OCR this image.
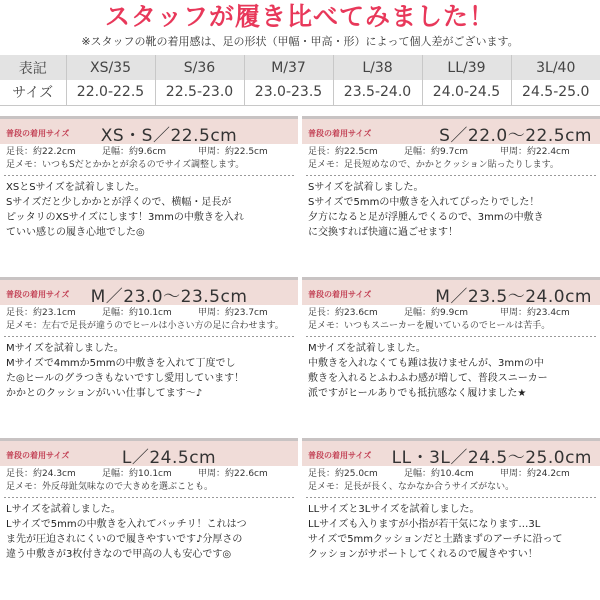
スタッフが履き比べてみました！
※スタッフの靴の着用感は、足の形状（甲幅・甲高・形）によって個人差がございます。
表記	XS/35	S/36	M/37	L/38	LL/39	3L/40
サイズ	22.0-22.5	22.5-23.0	23.0-23.5	23.5-24.0	24.0-24.5	24.5-25.0
普段の着用サイズ	XS・S／22.5cm
足長：約22.2cm	足幅：約9.6cm	甲周：約22.5cm
足メモ：いつもSだとかかとが余るのでサイズ調整します。

XSとSサイズを試着しました。

Sサイズだと少しかかとが浮くので、横幅・足長が

ピッタリのXSサイズにします！3mmの中敷きを入れ

ていい感じの履き心地でした◎

普段の着用サイズ	S／22.0〜22.5cm
足長：約22.5cm	足幅：約9.7cm	甲周：約22.4cm
足メモ：足長短めなので、かかとクッション貼ったりします。

Sサイズを試着しました。

Sサイズで5mmの中敷きを入れてぴったりでした！

夕方になると足が浮腫んでくるので、3mmの中敷き

に交換すれば快適に過ごせます！

普段の着用サイズ	M／23.0〜23.5cm
足長：約23.1cm	足幅：約10.1cm	甲周：約23.7cm
足メモ：左右で足長が違うのでヒールは小さい方の足に合わせます。

Mサイズを試着しました。

Mサイズで4mmか5mmの中敷きを入れて丁度でし

た◎ヒールのグラつきもないですし愛用しています！

かかとのクッションがいい仕事してます〜♪

普段の着用サイズ	M／23.5〜24.0cm
足長：約23.6cm	足幅：約9.9cm	甲周：約23.4cm
足メモ：いつもスニーカーを履いているのでヒールは苦手。

Mサイズを試着しました。

中敷きを入れなくても踵は抜けませんが、3mmの中

敷きを入れるとふわふわ感が増して、普段スニーカー

派ですがヒールありでも抵抗感なく履けました★

普段の着用サイズ	L／24.5cm
足長：約24.3cm	足幅：約10.1cm	甲周：約22.6cm
足メモ：外反母趾気味なので大きめを選ぶことも。

Lサイズを試着しました。

Lサイズで5mmの中敷きを入れてバッチリ！これはつ

ま先が圧迫されにくいので履きやすいです♪分厚さの

違う中敷きが3枚付きなので甲高の人も安心です◎

普段の着用サイズ	LL・3L／24.5〜25.0cm
足長：約25.0cm	足幅：約10.4cm	甲周：約24.2cm
足メモ：足長が長く、なかなか合うサイズがない。

LLサイズと3Lサイズを試着しました。

LLサイズも入りますが小指が若干気になります…3L

サイズで5mmクッションだと土踏まずのアーチに沿って

クッションがサポートしてくれるので履きやすい！
